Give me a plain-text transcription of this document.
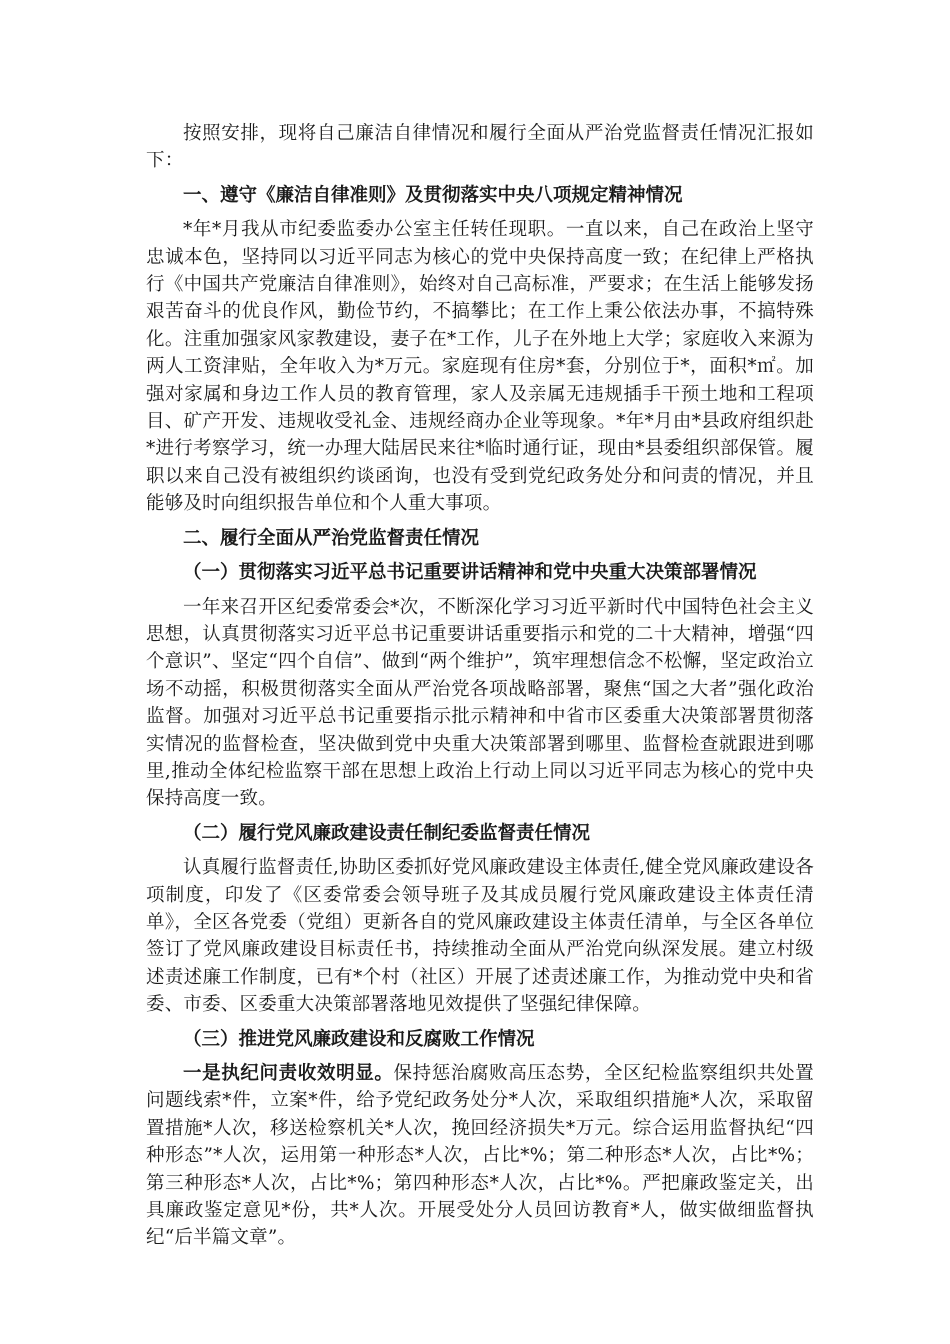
按照安排，现将自己廉洁自律情况和履行全面从严治党监督责任情况汇报如下：

一、遵守《廉洁自律准则》及贯彻落实中央八项规定精神情况

*年*月我从市纪委监委办公室主任转任现职。一直以来，自己在政治上坚守忠诚本色，坚持同以习近平同志为核心的党中央保持高度一致；在纪律上严格执行《中国共产党廉洁自律准则》，始终对自己高标准，严要求；在生活上能够发扬艰苦奋斗的优良作风，勤俭节约，不搞攀比；在工作上秉公依法办事，不搞特殊化。注重加强家风家教建设，妻子在*工作，儿子在外地上大学；家庭收入来源为两人工资津贴，全年收入为*万元。家庭现有住房*套，分别位于*，面积*㎡。加强对家属和身边工作人员的教育管理，家人及亲属无违规插手干预土地和工程项目、矿产开发、违规收受礼金、违规经商办企业等现象。*年*月由*县政府组织赴*进行考察学习，统一办理大陆居民来往*临时通行证，现由*县委组织部保管。履职以来自己没有被组织约谈函询，也没有受到党纪政务处分和问责的情况，并且能够及时向组织报告单位和个人重大事项。

二、履行全面从严治党监督责任情况

（一）贯彻落实习近平总书记重要讲话精神和党中央重大决策部署情况

一年来召开区纪委常委会*次，不断深化学习习近平新时代中国特色社会主义思想，认真贯彻落实习近平总书记重要讲话重要指示和党的二十大精神，增强“四个意识”、坚定“四个自信”、做到“两个维护”，筑牢理想信念不松懈，坚定政治立场不动摇，积极贯彻落实全面从严治党各项战略部署，聚焦“国之大者”强化政治监督。加强对习近平总书记重要指示批示精神和中省市区委重大决策部署贯彻落实情况的监督检查，坚决做到党中央重大决策部署到哪里、监督检查就跟进到哪里,推动全体纪检监察干部在思想上政治上行动上同以习近平同志为核心的党中央保持高度一致。

（二）履行党风廉政建设责任制纪委监督责任情况

认真履行监督责任,协助区委抓好党风廉政建设主体责任,健全党风廉政建设各项制度，印发了《区委常委会领导班子及其成员履行党风廉政建设主体责任清单》，全区各党委（党组）更新各自的党风廉政建设主体责任清单，与全区各单位签订了党风廉政建设目标责任书，持续推动全面从严治党向纵深发展。建立村级述责述廉工作制度，已有*个村（社区）开展了述责述廉工作，为推动党中央和省委、市委、区委重大决策部署落地见效提供了坚强纪律保障。

（三）推进党风廉政建设和反腐败工作情况

一是执纪问责收效明显。保持惩治腐败高压态势，全区纪检监察组织共处置问题线索*件，立案*件，给予党纪政务处分*人次，采取组织措施*人次，采取留置措施*人次，移送检察机关*人次，挽回经济损失*万元。综合运用监督执纪“四种形态”*人次，运用第一种形态*人次，占比*%；第二种形态*人次，占比*%；第三种形态*人次，占比*%；第四种形态*人次，占比*%。严把廉政鉴定关，出具廉政鉴定意见*份，共*人次。开展受处分人员回访教育*人，做实做细监督执纪“后半篇文章”。
